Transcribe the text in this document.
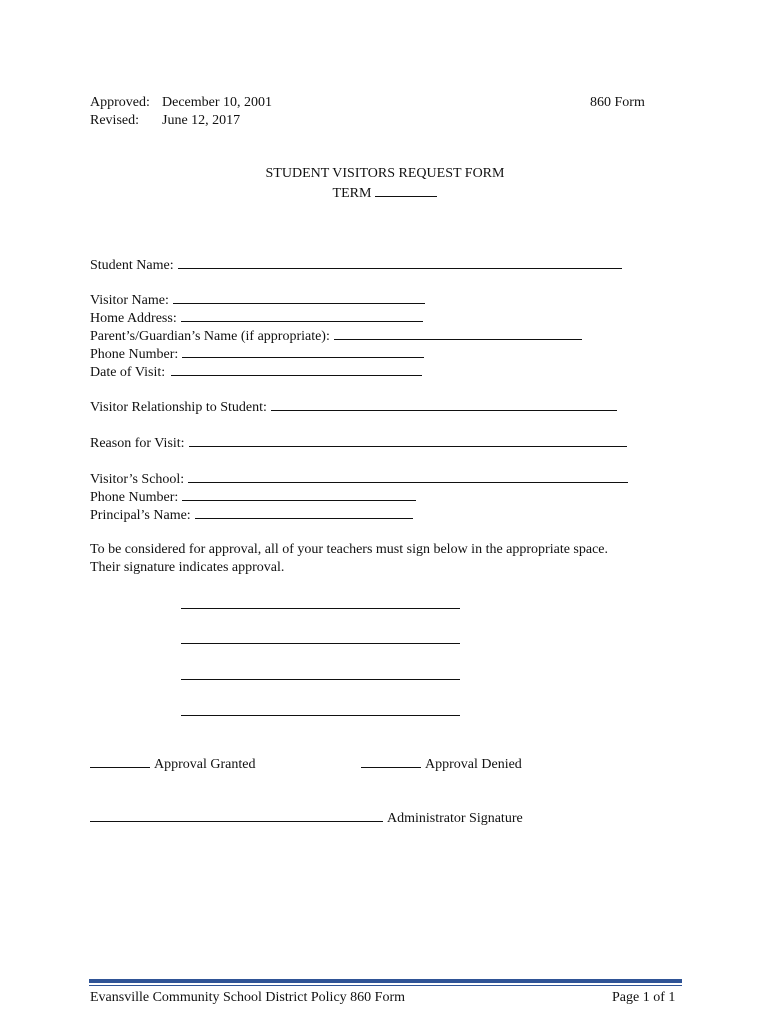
Approved: December 10, 2001
Revised: June 12, 2017
860 Form
STUDENT VISITORS REQUEST FORM
TERM
Student Name:
Visitor Name:
Home Address:
Parent’s/Guardian’s Name (if appropriate):
Phone Number:
Date of Visit:
Visitor Relationship to Student:
Reason for Visit:
Visitor’s School:
Phone Number:
Principal’s Name:
To be considered for approval, all of your teachers must sign below in the appropriate space.
Their signature indicates approval.
Approval Granted	Approval Denied
Administrator Signature
Evansville Community School District Policy 860 Form	Page 1 of 1
